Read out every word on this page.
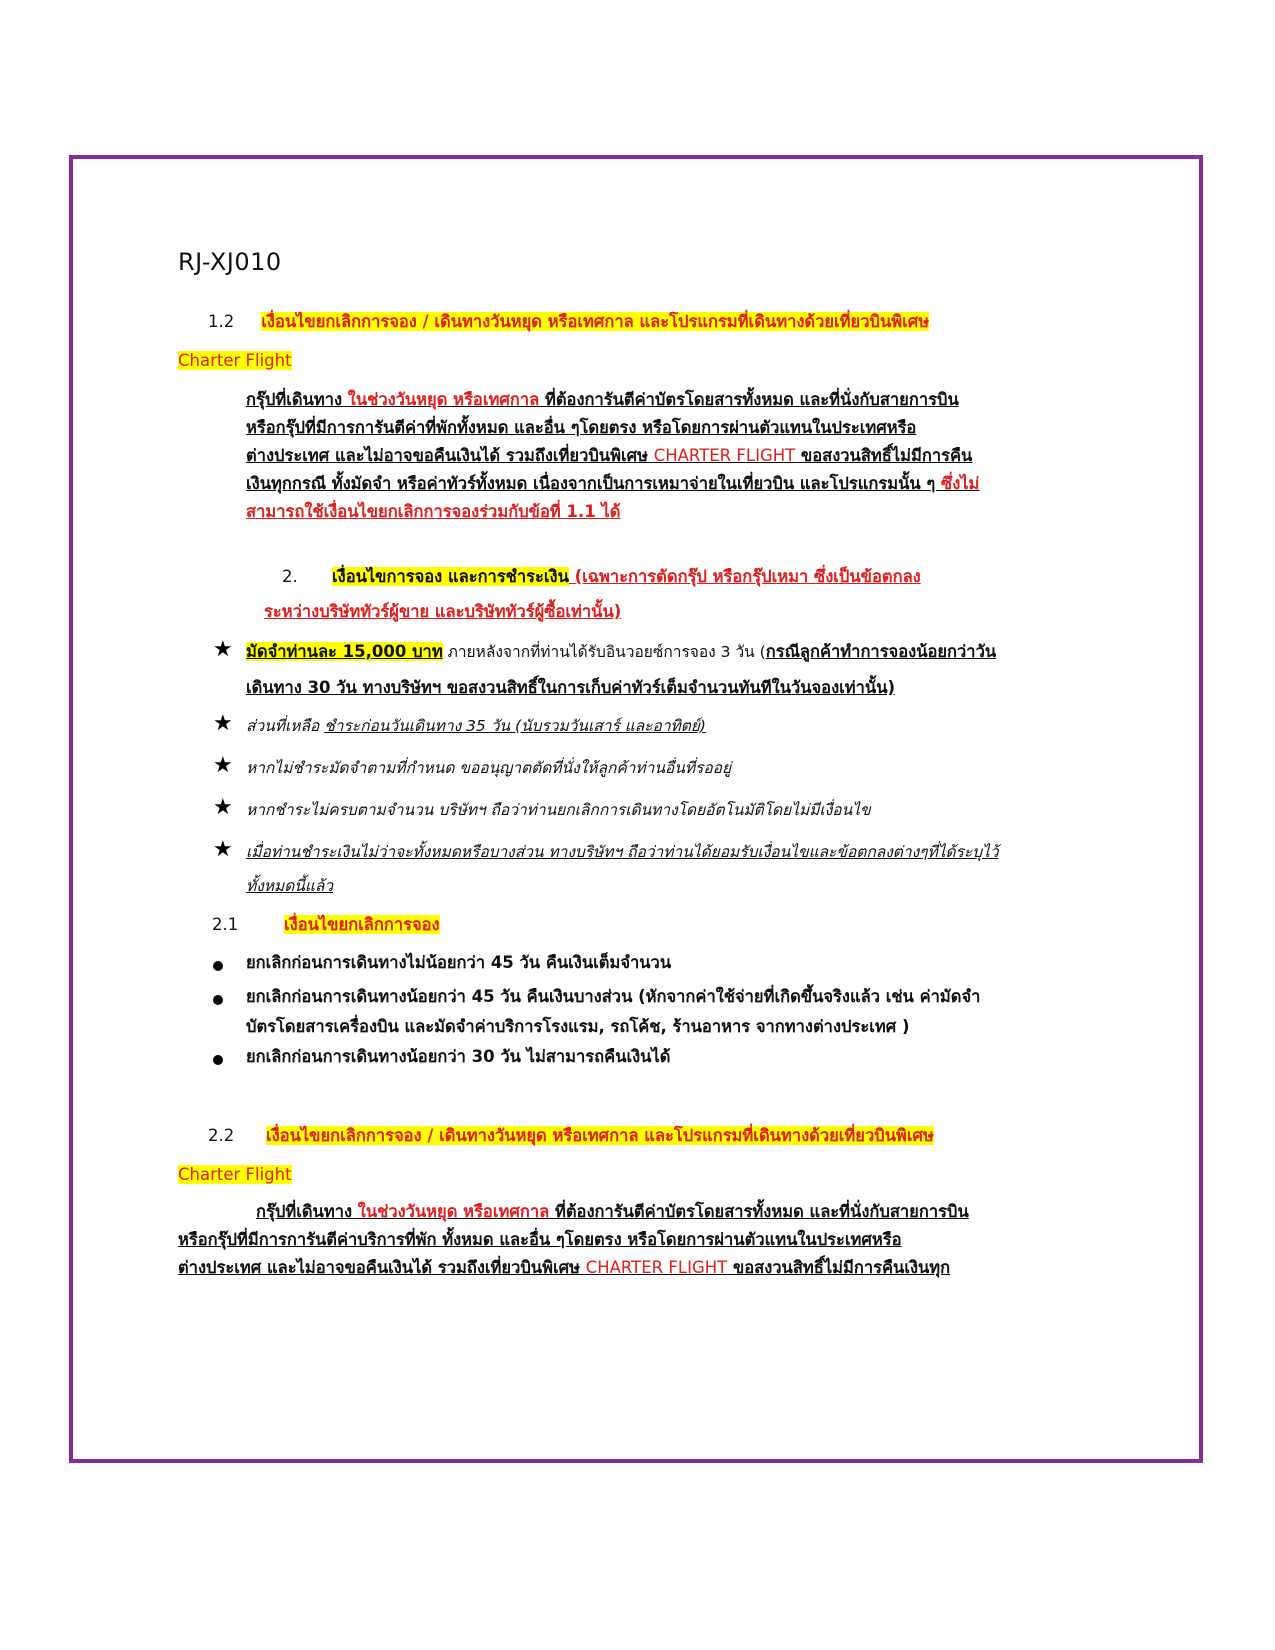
RJ-XJ010
1.2 เงื่อนไขยกเลิกการจอง / เดินทางวันหยุด หรือเทศกาล และโปรแกรมที่เดินทางด้วยเที่ยวบินพิเศษ
Charter Flight
กรุ๊ปที่เดินทาง ในช่วงวันหยุด หรือเทศกาล ที่ต้องการันตีค่าบัตรโดยสารทั้งหมด และที่นั่งกับสายการบิน
หรือกรุ๊ปที่มีการการันตีค่าที่พักทั้งหมด และอื่น ๆโดยตรง หรือโดยการผ่านตัวแทนในประเทศหรือ
ต่างประเทศ และไม่อาจขอคืนเงินได้ รวมถึงเที่ยวบินพิเศษ CHARTER FLIGHT ขอสงวนสิทธิ์ไม่มีการคืน
เงินทุกกรณี ทั้งมัดจำ หรือค่าทัวร์ทั้งหมด เนื่องจากเป็นการเหมาจ่ายในเที่ยวบิน และโปรแกรมนั้น ๆ ซึ่งไม่
สามารถใช้เงื่อนไขยกเลิกการจองร่วมกับข้อที่ 1.1 ได้
2. เงื่อนไขการจอง และการชำระเงิน (เฉพาะการตัดกรุ๊ป หรือกรุ๊ปเหมา ซึ่งเป็นข้อตกลง
ระหว่างบริษัททัวร์ผู้ขาย และบริษัททัวร์ผู้ซื้อเท่านั้น)
★ มัดจำท่านละ 15,000 บาท ภายหลังจากที่ท่านได้รับอินวอยซ์การจอง 3 วัน (กรณีลูกค้าทำการจองน้อยกว่าวัน
เดินทาง 30 วัน ทางบริษัทฯ ขอสงวนสิทธิ์ในการเก็บค่าทัวร์เต็มจำนวนทันทีในวันจองเท่านั้น)
★ ส่วนที่เหลือ ชำระก่อนวันเดินทาง 35 วัน (นับรวมวันเสาร์ และอาทิตย์)
★ หากไม่ชำระมัดจำตามที่กำหนด ขออนุญาตตัดที่นั่งให้ลูกค้าท่านอื่นที่รออยู่
★ หากชำระไม่ครบตามจำนวน บริษัทฯ ถือว่าท่านยกเลิกการเดินทางโดยอัตโนมัติโดยไม่มีเงื่อนไข
★ เมื่อท่านชำระเงินไม่ว่าจะทั้งหมดหรือบางส่วน ทางบริษัทฯ ถือว่าท่านได้ยอมรับเงื่อนไขและข้อตกลงต่างๆที่ได้ระบุไว้
ทั้งหมดนี้แล้ว
2.1	เงื่อนไขยกเลิกการจอง
ยกเลิกก่อนการเดินทางไม่น้อยกว่า 45 วัน คืนเงินเต็มจำนวน
ยกเลิกก่อนการเดินทางน้อยกว่า 45 วัน คืนเงินบางส่วน (หักจากค่าใช้จ่ายที่เกิดขึ้นจริงแล้ว เช่น ค่ามัดจำ
บัตรโดยสารเครื่องบิน และมัดจำค่าบริการโรงแรม, รถโค้ช, ร้านอาหาร จากทางต่างประเทศ )
ยกเลิกก่อนการเดินทางน้อยกว่า 30 วัน ไม่สามารถคืนเงินได้
2.2 เงื่อนไขยกเลิกการจอง / เดินทางวันหยุด หรือเทศกาล และโปรแกรมที่เดินทางด้วยเที่ยวบินพิเศษ
Charter Flight
กรุ๊ปที่เดินทาง ในช่วงวันหยุด หรือเทศกาล ที่ต้องการันตีค่าบัตรโดยสารทั้งหมด และที่นั่งกับสายการบิน
หรือกรุ๊ปที่มีการการันตีค่าบริการที่พัก ทั้งหมด และอื่น ๆโดยตรง หรือโดยการผ่านตัวแทนในประเทศหรือ
ต่างประเทศ และไม่อาจขอคืนเงินได้ รวมถึงเที่ยวบินพิเศษ CHARTER FLIGHT ขอสงวนสิทธิ์ไม่มีการคืนเงินทุก
